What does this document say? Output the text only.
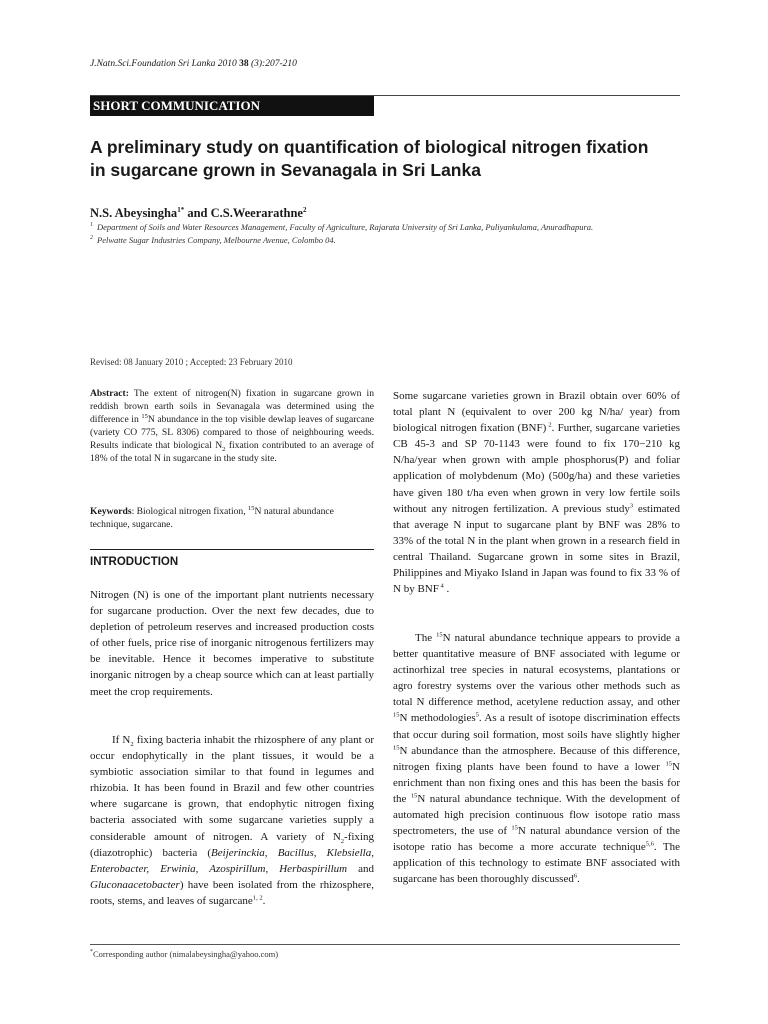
J.Natn.Sci.Foundation Sri Lanka 2010 38 (3):207-210
SHORT COMMUNICATION
A preliminary study on quantification of biological nitrogen fixation
in sugarcane grown in Sevanagala in Sri Lanka
N.S. Abeysingha$^{1*}$ and C.S.Weerarathne$^2$
$^1$ Department of Soils and Water Resources Management, Faculty of Agriculture, Rajarata University of Sri Lanka, Puliyankulama, Anuradhapura.
$^2$ Pelwatte Sugar Industries Company, Melbourne Avenue, Colombo 04.
Revised: 08 January 2010 ; Accepted: 23 February 2010
Abstract: The extent of nitrogen(N) fixation in sugarcane grown in reddish brown earth soils in Sevanagala was determined using the difference in $^{15}$N abundance in the top visible dewlap leaves of sugarcane (variety CO 775, SL 8306) compared to those of neighbouring weeds. Results indicate that biological $N_2$ fixation contributed to an average of 18% of the total N in sugarcane in the study site.
Keywords: Biological nitrogen fixation, $^{15}$N natural abundance technique, sugarcane.
INTRODUCTION

Nitrogen (N) is one of the important plant nutrients necessary for sugarcane production. Over the next few decades, due to depletion of petroleum reserves and increased production costs of other fuels, price rise of inorganic nitrogenous fertilizers may be inevitable. Hence it becomes imperative to substitute inorganic nitrogen by a cheap source which can at least partially meet the crop requirements.

If $N_2$ fixing bacteria inhabit the rhizosphere of any plant or occur endophytically in the plant tissues, it would be a symbiotic association similar to that found in legumes and rhizobia. It has been found in Brazil and few other countries where sugarcane is grown, that endophytic nitrogen fixing bacteria associated with some sugarcane varieties supply a considerable amount of nitrogen. A variety of $N_2$-fixing (diazotrophic) bacteria (Beijerinckia, Bacillus, Klebsiella, Enterobacter, Erwinia, Azospirillum, Herbaspirillum and Gluconaacetobacter) have been isolated from the rhizosphere, roots, stems, and leaves of sugarcane$^{1, 2}$.

Some sugarcane varieties grown in Brazil obtain over 60% of total plant N (equivalent to over 200 kg N/ha/ year) from biological nitrogen fixation (BNF) $^2$. Further, sugarcane varieties CB 45-3 and SP 70-1143 were found to fix 170−210 kg N/ha/year when grown with ample phosphorus(P) and foliar application of molybdenum (Mo) (500g/ha) and these varieties have given 180 t/ha even when grown in very low fertile soils without any nitrogen fertilization. A previous study$^3$ estimated that average N input to sugarcane plant by BNF was 28% to 33% of the total N in the plant when grown in a research field in central Thailand. Sugarcane grown in some sites in Brazil, Philippines and Miyako Island in Japan was found to fix 33 % of N by BNF $^4$ .

The $^{15}$N natural abundance technique appears to provide a better quantitative measure of BNF associated with legume or actinorhizal tree species in natural ecosystems, plantations or agro forestry systems over the various other methods such as total N difference method, acetylene reduction assay, and other $^{15}$N methodologies$^5$. As a result of isotope discrimination effects that occur during soil formation, most soils have slightly higher $^{15}$N abundance than the atmosphere. Because of this difference, nitrogen fixing plants have been found to have a lower $^{15}$N enrichment than non fixing ones and this has been the basis for the $^{15}$N natural abundance technique. With the development of automated high precision continuous flow isotope ratio mass spectrometers, the use of $^{15}$N natural abundance version of the isotope ratio has become a more accurate technique$^{5,6}$. The application of this technology to estimate BNF associated with sugarcane has been thoroughly discussed$^6$.

*Corresponding author (nimalabeysingha@yahoo.com)
